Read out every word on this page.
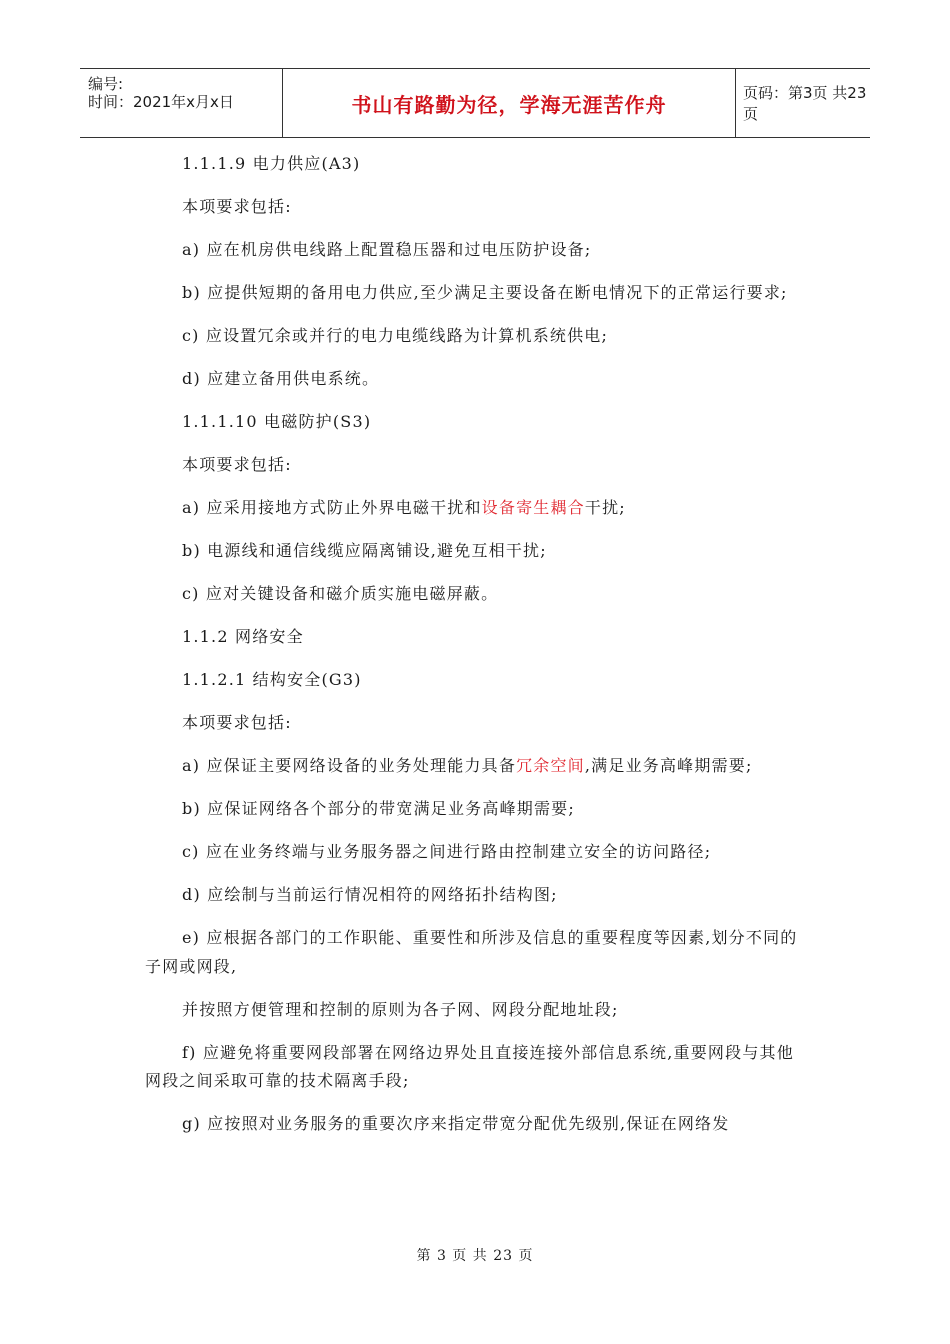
编号:
时间：2021年x月x日	书山有路勤为径，学海无涯苦作舟	页码：第3页 共23页

1.1.1.9 电力供应(A3)

本项要求包括:

a) 应在机房供电线路上配置稳压器和过电压防护设备;

b) 应提供短期的备用电力供应,至少满足主要设备在断电情况下的正常运行要求;

c) 应设置冗余或并行的电力电缆线路为计算机系统供电;

d) 应建立备用供电系统。

1.1.1.10 电磁防护(S3)

本项要求包括:

a) 应采用接地方式防止外界电磁干扰和设备寄生耦合干扰;

b) 电源线和通信线缆应隔离铺设,避免互相干扰;

c) 应对关键设备和磁介质实施电磁屏蔽。

1.1.2 网络安全

1.1.2.1 结构安全(G3)

本项要求包括:

a) 应保证主要网络设备的业务处理能力具备冗余空间,满足业务高峰期需要;

b) 应保证网络各个部分的带宽满足业务高峰期需要;

c) 应在业务终端与业务服务器之间进行路由控制建立安全的访问路径;

d) 应绘制与当前运行情况相符的网络拓扑结构图;

e) 应根据各部门的工作职能、重要性和所涉及信息的重要程度等因素,划分不同的子网或网段,

并按照方便管理和控制的原则为各子网、网段分配地址段;

f) 应避免将重要网段部署在网络边界处且直接连接外部信息系统,重要网段与其他网段之间采取可靠的技术隔离手段;

g) 应按照对业务服务的重要次序来指定带宽分配优先级别,保证在网络发

第 3 页 共 23 页
